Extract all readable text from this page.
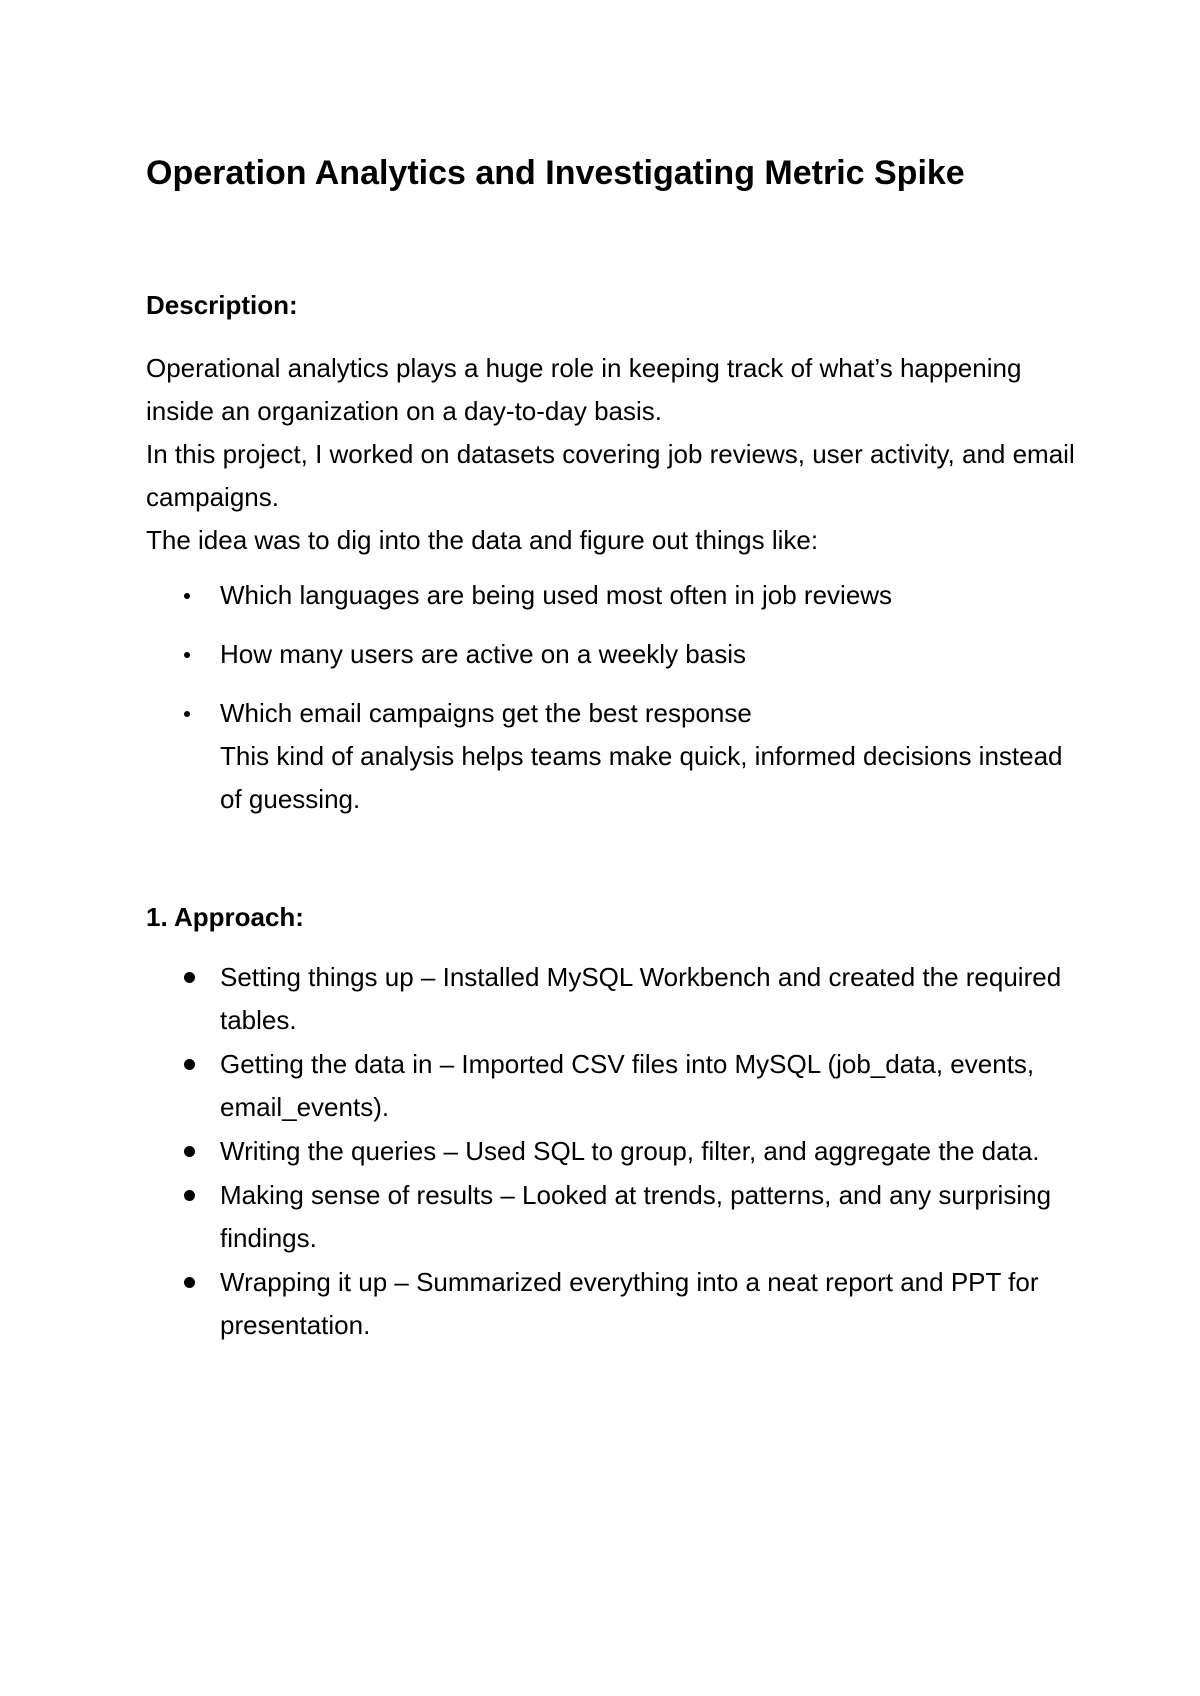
Operation Analytics and Investigating Metric Spike
Description:

Operational analytics plays a huge role in keeping track of what’s happening inside an organization on a day-to-day basis.

In this project, I worked on datasets covering job reviews, user activity, and email campaigns.

The idea was to dig into the data and figure out things like:

Which languages are being used most often in job reviews
How many users are active on a weekly basis
Which email campaigns get the best response
This kind of analysis helps teams make quick, informed decisions instead of guessing.
1. Approach:
Setting things up – Installed MySQL Workbench and created the required tables.
Getting the data in – Imported CSV files into MySQL (job_data, events, email_events).
Writing the queries – Used SQL to group, filter, and aggregate the data.
Making sense of results – Looked at trends, patterns, and any surprising findings.
Wrapping it up – Summarized everything into a neat report and PPT for presentation.
